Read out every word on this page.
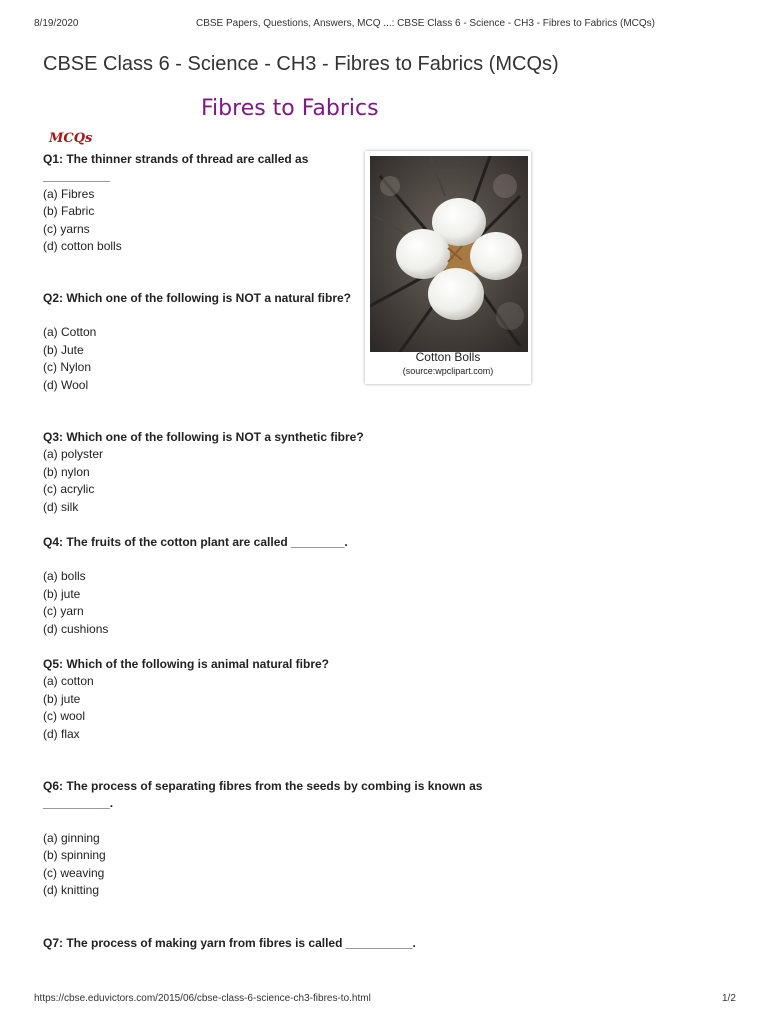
8/19/2020	CBSE Papers, Questions, Answers, MCQ ...: CBSE Class 6 - Science - CH3 - Fibres to Fabrics (MCQs)
CBSE Class 6 - Science - CH3 - Fibres to Fabrics (MCQs)
Fibres to Fabrics
MCQs
Q1: The thinner strands of thread are called as
__________
(a) Fibres
(b) Fabric
(c) yarns
(d) cotton bolls
Q2: Which one of the following is NOT a natural fibre?
(a) Cotton
(b) Jute
(c) Nylon
(d) Wool
Q3: Which one of the following is NOT a synthetic fibre?
(a) polyster
(b) nylon
(c) acrylic
(d) silk
Q4: The fruits of the cotton plant are called ________.
(a) bolls
(b) jute
(c) yarn
(d) cushions
Q5: Which of the following is animal natural fibre?
(a) cotton
(b) jute
(c) wool
(d) flax
Q6: The process of separating fibres from the seeds by combing is known as
__________.
(a) ginning
(b) spinning
(c) weaving
(d) knitting
Q7: The process of making yarn from fibres is called __________.
Cotton Bolls
(source:wpclipart.com)
https://cbse.eduvictors.com/2015/06/cbse-class-6-science-ch3-fibres-to.html	1/2
